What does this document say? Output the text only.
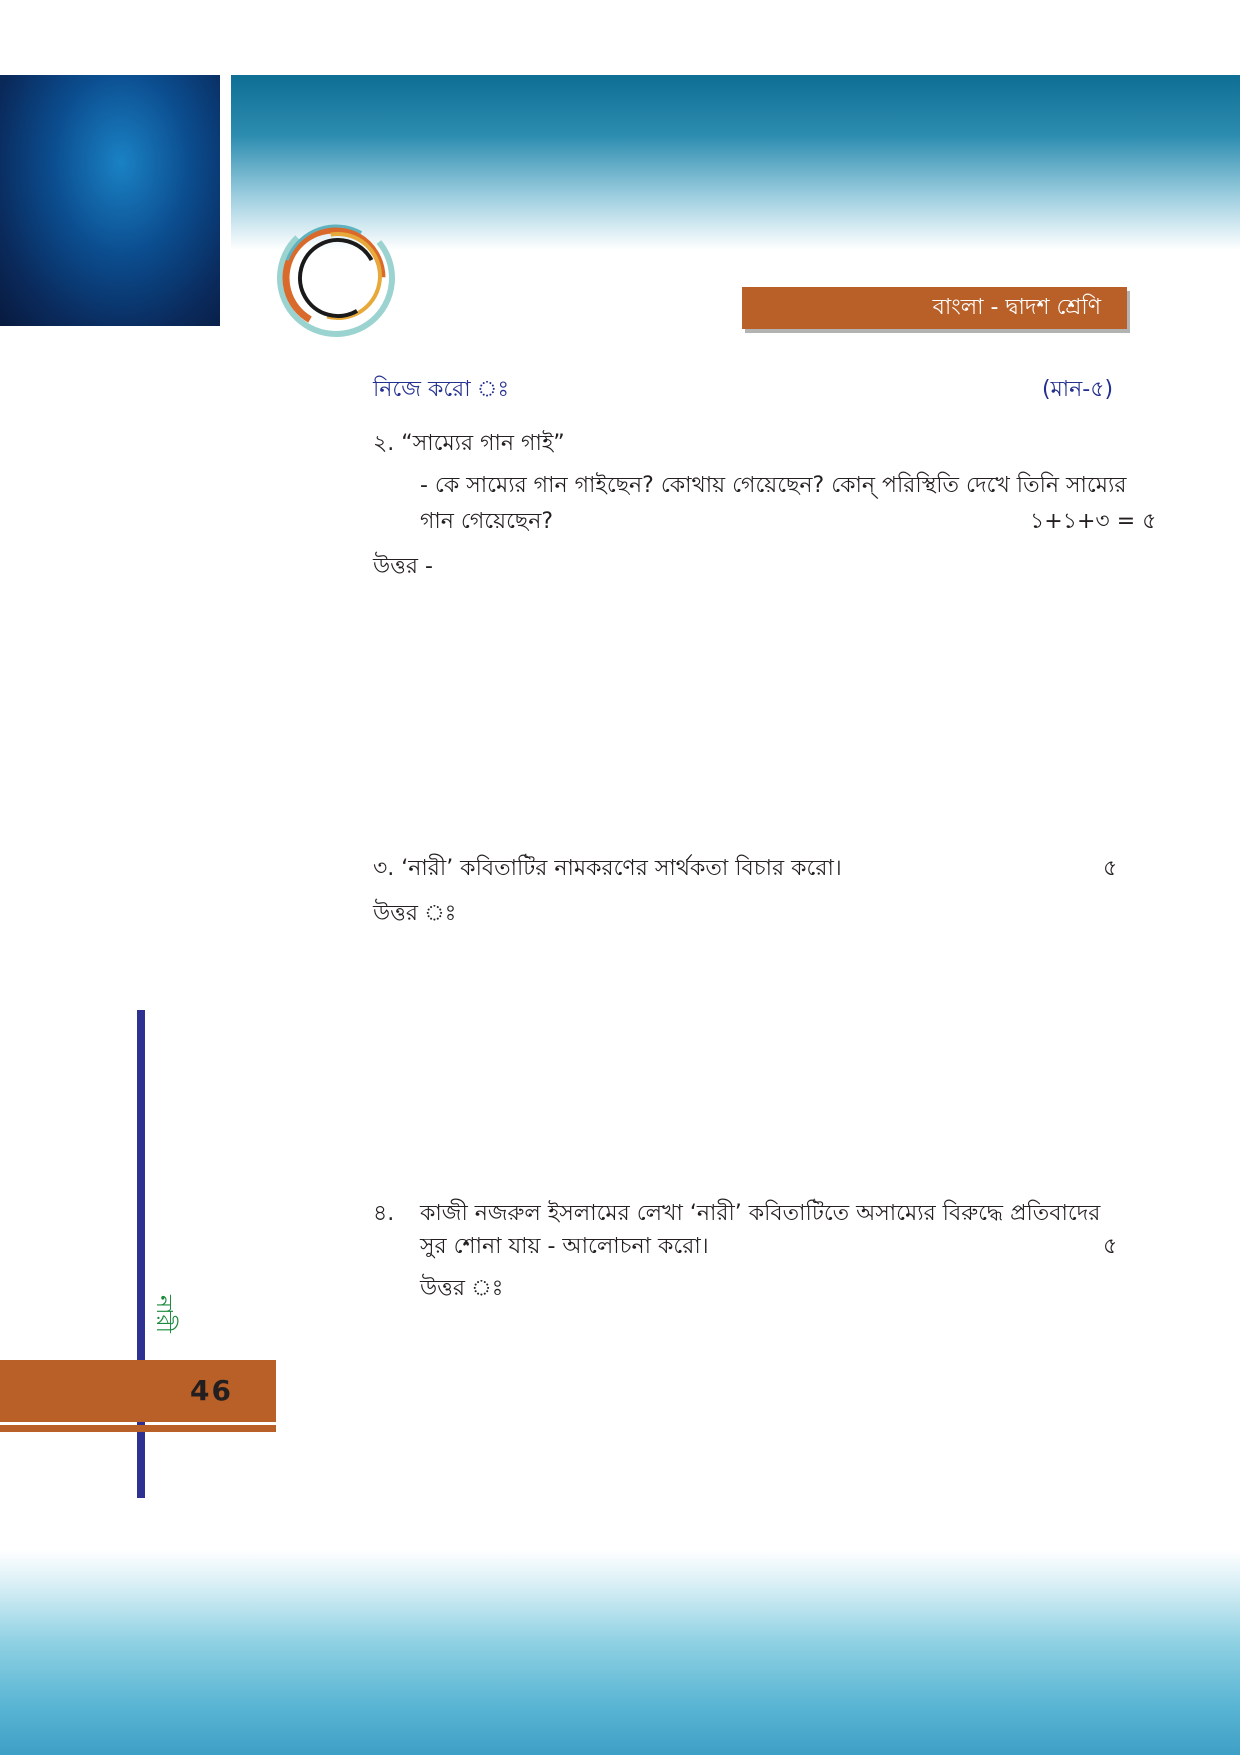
বাংলা - দ্বাদশ শ্রেণি
নিজে করো ঃ	(মান-৫)
২. “সাম্যের গান গাই”
- কে সাম্যের গান গাইছেন? কোথায় গেয়েছেন? কোন্ পরিস্থিতি দেখে তিনি সাম্যের
গান গেয়েছেন?	১+১+৩ = ৫
উত্তর -
৩. ‘নারী’ কবিতাটির নামকরণের সার্থকতা বিচার করো।	৫
উত্তর ঃ
৪. কাজী নজরুল ইসলামের লেখা ‘নারী’ কবিতাটিতে অসাম্যের বিরুদ্ধে প্রতিবাদের
সুর শোনা যায় - আলোচনা করো।	৫
উত্তর ঃ
নারী
46
